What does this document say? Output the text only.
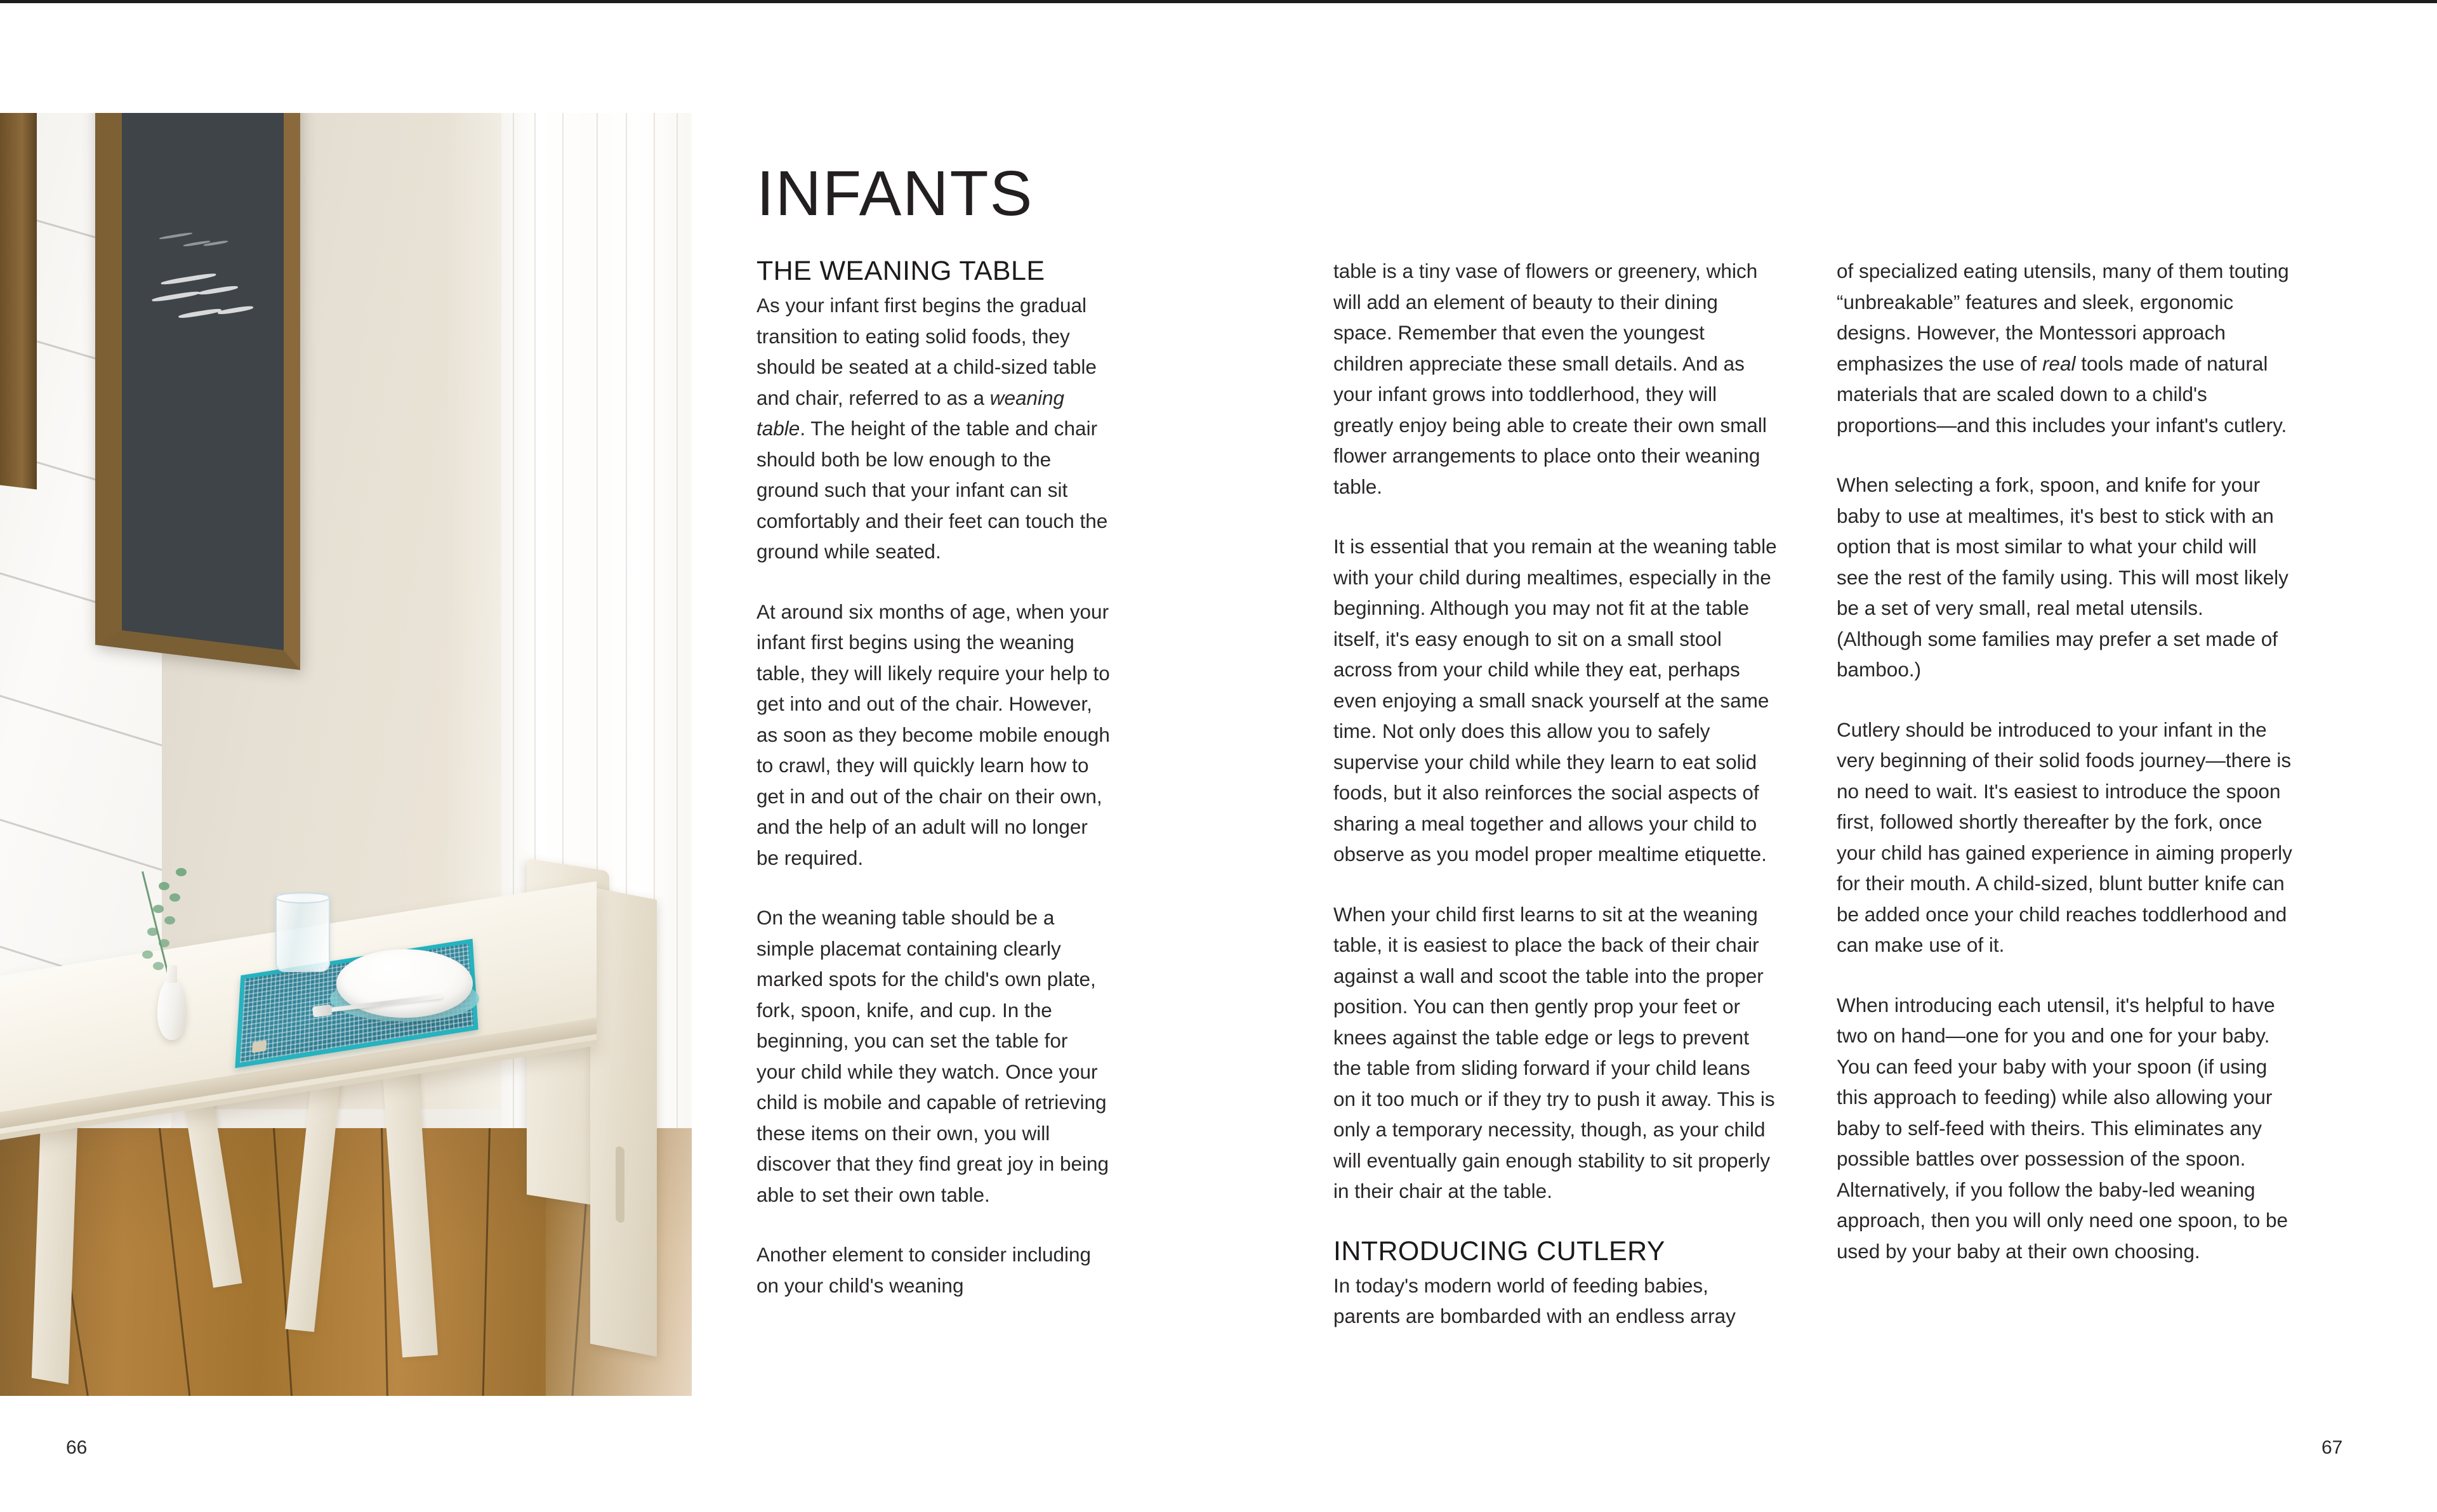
INFANTS
THE WEANING TABLE

As your infant first begins the gradual transition to eating solid foods, they should be seated at a child-sized table and chair, referred to as a weaning table. The height of the table and chair should both be low enough to the ground such that your infant can sit comfortably and their feet can touch the ground while seated.

At around six months of age, when your infant first begins using the weaning table, they will likely require your help to get into and out of the chair. However, as soon as they become mobile enough to crawl, they will quickly learn how to get in and out of the chair on their own, and the help of an adult will no longer be required.

On the weaning table should be a simple placemat containing clearly marked spots for the child's own plate, fork, spoon, knife, and cup. In the beginning, you can set the table for your child while they watch. Once your child is mobile and capable of retrieving these items on their own, you will discover that they find great joy in being able to set their own table.

Another element to consider including on your child's weaning

table is a tiny vase of flowers or greenery, which will add an element of beauty to their dining space. Remember that even the youngest children appreciate these small details. And as your infant grows into toddlerhood, they will greatly enjoy being able to create their own small flower arrangements to place onto their weaning table.

It is essential that you remain at the weaning table with your child during mealtimes, especially in the beginning. Although you may not fit at the table itself, it's easy enough to sit on a small stool across from your child while they eat, perhaps even enjoying a small snack yourself at the same time. Not only does this allow you to safely supervise your child while they learn to eat solid foods, but it also reinforces the social aspects of sharing a meal together and allows your child to observe as you model proper mealtime etiquette.

When your child first learns to sit at the weaning table, it is easiest to place the back of their chair against a wall and scoot the table into the proper position. You can then gently prop your feet or knees against the table edge or legs to prevent the table from sliding forward if your child leans on it too much or if they try to push it away. This is only a temporary necessity, though, as your child will eventually gain enough stability to sit properly in their chair at the table.

INTRODUCING CUTLERY

In today's modern world of feeding babies, parents are bombarded with an endless array

of specialized eating utensils, many of them touting “unbreakable” features and sleek, ergonomic designs. However, the Montessori approach emphasizes the use of real tools made of natural materials that are scaled down to a child's proportions—and this includes your infant's cutlery.

When selecting a fork, spoon, and knife for your baby to use at mealtimes, it's best to stick with an option that is most similar to what your child will see the rest of the family using. This will most likely be a set of very small, real metal utensils. (Although some families may prefer a set made of bamboo.)

Cutlery should be introduced to your infant in the very beginning of their solid foods journey—there is no need to wait. It's easiest to introduce the spoon first, followed shortly thereafter by the fork, once your child has gained experience in aiming properly for their mouth. A child-sized, blunt butter knife can be added once your child reaches toddlerhood and can make use of it.

When introducing each utensil, it's helpful to have two on hand—one for you and one for your baby. You can feed your baby with your spoon (if using this approach to feeding) while also allowing your baby to self-feed with theirs. This eliminates any possible battles over possession of the spoon. Alternatively, if you follow the baby-led weaning approach, then you will only need one spoon, to be used by your baby at their own choosing.

66	67
